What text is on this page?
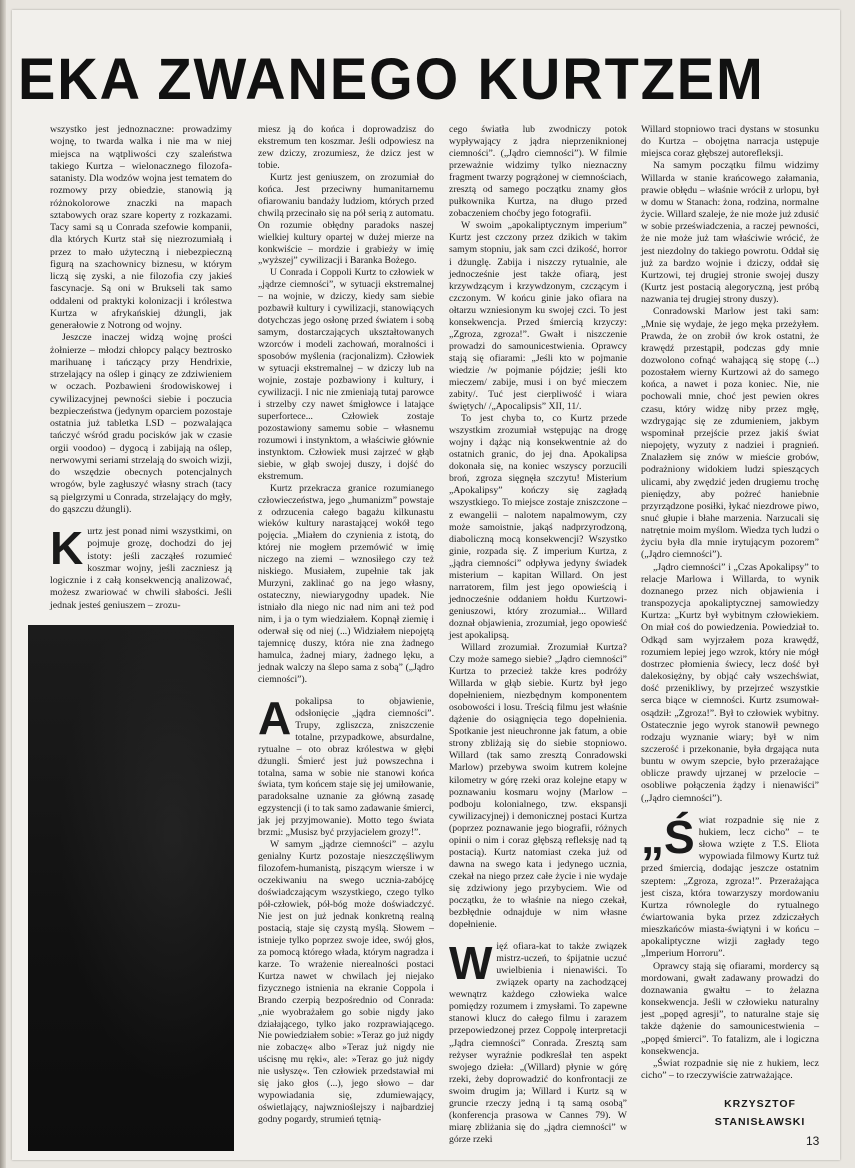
EKA ZWANEGO KURTZEM

wszystko jest jednoznaczne: prowadzimy wojnę, to twarda walka i nie ma w niej miejsca na wątpliwości czy szaleństwa takiego Kurtza – wielonacznego filozofa-satanisty. Dla wodzów wojna jest tematem do rozmowy przy obiedzie, stanowią ją różnokolorowe znaczki na mapach sztabowych oraz szare koperty z rozkazami. Tacy sami są u Conrada szefowie kompanii, dla których Kurtz stał się niezrozumiałą i przez to mało użyteczną i niebezpieczną figurą na szachownicy biznesu, w którym liczą się zyski, a nie filozofia czy jakieś fascynacje. Są oni w Brukseli tak samo oddaleni od praktyki kolonizacji i królestwa Kurtza w afrykańskiej dżungli, jak generałowie z Notrong od wojny.

Jeszcze inaczej widzą wojnę prości żołnierze – młodzi chłopcy palący beztrosko marihuanę i tańczący przy Hendrixie, strzelający na oślep i ginący ze zdziwieniem w oczach. Pozbawieni środowiskowej i cywilizacyjnej pewności siebie i poczucia bezpieczeństwa (jedynym oparciem pozostaje ostatnia już tabletka LSD – pozwalająca tańczyć wśród gradu pocisków jak w czasie orgii voodoo) – dygocą i zabijają na oślep, nerwowymi seriami strzelają do swoich wizji, do wszędzie obecnych potencjalnych wrogów, byle zagłuszyć własny strach (tacy są pielgrzymi u Conrada, strzelający do mgły, do gąszczu dżungli).

Kurtz jest ponad nimi wszystkimi, on pojmuje grozę, dochodzi do jej istoty: jeśli zacząłeś rozumieć koszmar wojny, jeśli zaczniesz ją logicznie i z całą konsekwencją analizować, możesz zwariować w chwili słabości. Jeśli jednak jesteś geniuszem – zrozu-

miesz ją do końca i doprowadzisz do ekstremum ten koszmar. Jeśli odpowiesz na zew dziczy, zrozumiesz, że dzicz jest w tobie.

Kurtz jest geniuszem, on zrozumiał do końca. Jest przeciwny humanitarnemu ofiarowaniu bandaży ludziom, których przed chwilą przecinało się na pół serią z automatu. On rozumie obłędny paradoks naszej wielkiej kultury opartej w dużej mierze na konkwiście – mordzie i grabieży w imię „wyższej” cywilizacji i Baranka Bożego.

U Conrada i Coppoli Kurtz to człowiek w „jądrze ciemności”, w sytuacji ekstremalnej – na wojnie, w dziczy, kiedy sam siebie pozbawił kultury i cywilizacji, stanowiących dotychczas jego osłonę przed światem i sobą samym, dostarczających ukształtowanych wzorców i modeli zachowań, moralności i sposobów myślenia (racjonalizm). Człowiek w sytuacji ekstremalnej – w dziczy lub na wojnie, zostaje pozbawiony i kultury, i cywilizacji. I nic nie zmieniają tutaj parowce i strzelby czy nawet śmigłowce i latające superfortece... Człowiek zostaje pozostawiony samemu sobie – własnemu rozumowi i instynktom, a właściwie głównie instynktom. Człowiek musi zajrzeć w głąb siebie, w głąb swojej duszy, i dojść do ekstremum.

Kurtz przekracza granice rozumianego człowieczeństwa, jego „humanizm” powstaje z odrzucenia całego bagażu kilkunastu wieków kultury narastającej wokół tego pojęcia. „Miałem do czynienia z istotą, do której nie mogłem przemówić w imię niczego na ziemi – wznosiłego czy też niskiego. Musiałem, zupełnie tak jak Murzyni, zaklinać go na jego własny, ostateczny, niewiarygodny upadek. Nie istniało dla niego nic nad nim ani też pod nim, i ja o tym wiedziałem. Kopnął ziemię i oderwał się od niej (...) Widziałem niepojętą tajemnicę duszy, która nie zna żadnego hamulca, żadnej miary, żadnego lęku, a jednak walczy na ślepo sama z sobą” („Jądro ciemności”).

Apokalipsa to objawienie, odsłonięcie „jądra ciemności”. Trupy, zgliszcza, zniszczenie totalne, przypadkowe, absurdalne, rytualne – oto obraz królestwa w głębi dżungli. Śmierć jest już powszechna i totalna, sama w sobie nie stanowi końca świata, tym końcem staje się jej umiłowanie, paradoksalne uznanie za główną zasadę egzystencji (i to tak samo zadawanie śmierci, jak jej przyjmowanie). Motto tego świata brzmi: „Musisz być przyjacielem grozy!”.

W samym „jądrze ciemności” – azylu genialny Kurtz pozostaje nieszczęśliwym filozofem-humanistą, piszącym wiersze i w oczekiwaniu na swego ucznia-zabójcę doświadczającym wszystkiego, czego tylko pół-człowiek, pół-bóg może doświadczyć. Nie jest on już jednak konkretną realną postacią, staje się czystą myślą. Słowem – istnieje tylko poprzez swoje idee, swój głos, za pomocą którego włada, którym nagradza i karze. To wrażenie nierealności postaci Kurtza nawet w chwilach jej niejako fizycznego istnienia na ekranie Coppola i Brando czerpią bezpośrednio od Conrada: „nie wyobrażałem go sobie nigdy jako działającego, tylko jako rozprawiającego. Nie powiedziałem sobie: »Teraz go już nigdy nie zobaczę« albo »Teraz już nigdy nie uścisnę mu ręki«, ale: »Teraz go już nigdy nie usłyszę«. Ten człowiek przedstawiał mi się jako głos (...), jego słowo – dar wypowiadania się, zdumiewający, oświetlający, najwznioślejszy i najbardziej godny pogardy, strumień tętnią-

cego światła lub zwodniczy potok wypływający z jądra nieprzeniknionej ciemności”. („Jądro ciemności”). W filmie przeważnie widzimy tylko nieznaczny fragment twarzy pogrążonej w ciemnościach, zresztą od samego początku znamy głos pułkownika Kurtza, na długo przed zobaczeniem choćby jego fotografii.

W swoim „apokaliptycznym imperium” Kurtz jest czczony przez dzikich w takim samym stopniu, jak sam czci dzikość, horror i dżunglę. Zabija i niszczy rytualnie, ale jednocześnie jest także ofiarą, jest krzywdzącym i krzywdzonym, czczącym i czczonym. W końcu ginie jako ofiara na ołtarzu wzniesionym ku swojej czci. To jest konsekwencja. Przed śmiercią krzyczy: „Zgroza, zgroza!”. Gwałt i niszczenie prowadzi do samounicestwienia. Oprawcy stają się ofiarami: „Jeśli kto w pojmanie wiedzie /w pojmanie pójdzie; jeśli kto mieczem/ zabije, musi i on być mieczem zabity/. Tuć jest cierpliwość i wiara świętych/ /„Apocalipsis” XII, 11/.

To jest chyba to, co Kurtz przede wszystkim zrozumiał wstępując na drogę wojny i dążąc nią konsekwentnie aż do ostatnich granic, do jej dna. Apokalipsa dokonała się, na koniec wszyscy porzucili broń, zgroza sięgnęła szczytu! Misterium „Apokalipsy” kończy się zagładą wszystkiego. To miejsce zostaje zniszczone – z ewangelii – nalotem napalmowym, czy może samoistnie, jakąś nadprzyrodzoną, diaboliczną mocą konsekwencji? Wszystko ginie, rozpada się. Z imperium Kurtza, z „jądra ciemności” odpływa jedyny świadek misterium – kapitan Willard. On jest narratorem, film jest jego opowieścią i jednocześnie oddaniem hołdu Kurtzowi-geniuszowi, który zrozumiał... Willard doznał objawienia, zrozumiał, jego opowieść jest apokalipsą.

Willard zrozumiał. Zrozumiał Kurtza? Czy może samego siebie? „Jądro ciemności” Kurtza to przecież także kres podróży Willarda w głąb siebie. Kurtz był jego dopełnieniem, niezbędnym komponentem osobowości i losu. Treścią filmu jest właśnie dążenie do osiągnięcia tego dopełnienia. Spotkanie jest nieuchronne jak fatum, a obie strony zbliżają się do siebie stopniowo. Willard (tak samo zresztą Conradowski Marlow) przebywa swoim kutrem kolejne kilometry w górę rzeki oraz kolejne etapy w poznawaniu kosmaru wojny (Marlow – podboju kolonialnego, tzw. ekspansji cywilizacyjnej) i demonicznej postaci Kurtza (poprzez poznawanie jego biografii, różnych opinii o nim i coraz głębszą refleksję nad tą postacią). Kurtz natomiast czeka już od dawna na swego kata i jedynego ucznia, czekał na niego przez całe życie i nie wydaje się zdziwiony jego przybyciem. Wie od początku, że to właśnie na niego czekał, bezbłędnie odnajduje w nim własne dopełnienie.

Więź ofiara-kat to także związek mistrz-uczeń, to śpijatnie uczuć uwielbienia i nienawiści. To związek oparty na zachodzącej wewnątrz każdego człowieka walce pomiędzy rozumem i zmysłami. To zapewne stanowi klucz do całego filmu i zarazem przepowiedzonej przez Coppolę interpretacji „Jądra ciemności” Conrada. Zresztą sam reżyser wyraźnie podkreślał ten aspekt swojego dzieła: „(Willard) płynie w górę rzeki, żeby doprowadzić do konfrontacji ze swoim drugim ja; Willard i Kurtz są w gruncie rzeczy jedną i tą samą osobą” (konferencja prasowa w Cannes 79). W miarę zbliżania się do „jądra ciemności” w górze rzeki

Willard stopniowo traci dystans w stosunku do Kurtza – obojętna narracja ustępuje miejsca coraz głębszej autorefleksji.

Na samym początku filmu widzimy Willarda w stanie krańcowego załamania, prawie obłędu – właśnie wrócił z urlopu, był w domu w Stanach: żona, rodzina, normalne życie. Willard szaleje, że nie może już zdusić w sobie przeświadczenia, a raczej pewności, że nie może już tam właściwie wrócić, że jest niezdolny do takiego powrotu. Oddał się już za bardzo wojnie i dziczy, oddał się Kurtzowi, tej drugiej stronie swojej duszy (Kurtz jest postacią alegoryczną, jest próbą nazwania tej drugiej strony duszy).

Conradowski Marlow jest taki sam: „Mnie się wydaje, że jego męka przeżyłem. Prawda, że on zrobił ów krok ostatni, że krawędź przestąpił, podczas gdy mnie dozwolono cofnąć wahającą się stopę (...) pozostałem wierny Kurtzowi aż do samego końca, a nawet i poza koniec. Nie, nie pochowali mnie, choć jest pewien okres czasu, który widzę niby przez mgłę, wzdrygając się ze zdumieniem, jakbym wspominał przejście przez jakiś świat niepojęty, wyzuty z nadziei i pragnień. Znalazłem się znów w mieście grobów, podrażniony widokiem ludzi spieszących ulicami, aby zwędzić jeden drugiemu trochę pieniędzy, aby pożreć haniebnie przyrządzone posiłki, łykać niezdrowe piwo, snuć głupie i błahe marzenia. Narzucali się natrętnie moim myślom. Wiedza tych ludzi o życiu była dla mnie irytującym pozorem” („Jądro ciemności”).

„Jądro ciemności” i „Czas Apokalipsy” to relacje Marlowa i Willarda, to wynik doznanego przez nich objawienia i transpozycja apokaliptycznej samowiedzy Kurtza: „Kurtz był wybitnym człowiekiem. On miał coś do powiedzenia. Powiedział to. Odkąd sam wyjrzałem poza krawędź, rozumiem lepiej jego wzrok, który nie mógł dostrzec płomienia świecy, lecz dość był dalekosiężny, by objąć cały wszechświat, dość przenikliwy, by przejrzeć wszystkie serca biące w ciemności. Kurtz zsumował-osądził: „Zgroza!”. Był to człowiek wybitny. Ostatecznie jego wyrok stanowił pewnego rodzaju wyznanie wiary; był w nim szczerość i przekonanie, była drgająca nuta buntu w owym szepcie, było przerażające oblicze prawdy ujrzanej w przelocie – osobliwe połączenia żądzy i nienawiści” („Jądro ciemności”).

„Świat rozpadnie się nie z hukiem, lecz cicho” – te słowa wzięte z T.S. Eliota wypowiada filmowy Kurtz tuż przed śmiercią, dodając jeszcze ostatnim szeptem: „Zgroza, zgroza!”. Przerażająca jest cisza, która towarzyszy mordowaniu Kurtza równolegle do rytualnego ćwiartowania byka przez zdziczałych mieszkańców miasta-świątyni i w końcu – apokaliptyczne wizji zagłady tego „Imperium Horroru”.

Oprawcy stają się ofiarami, mordercy są mordowani, gwałt zadawany prowadzi do doznawania gwałtu – to żelazna konsekwencja. Jeśli w człowieku naturalny jest „popęd agresji”, to naturalne staje się także dążenie do samounicestwienia – „popęd śmierci”. To fatalizm, ale i logiczna konsekwencja.

„Świat rozpadnie się nie z hukiem, lecz cicho” – to rzeczywiście zatrważające.

KRZYSZTOF
STANISŁAWSKI
13
